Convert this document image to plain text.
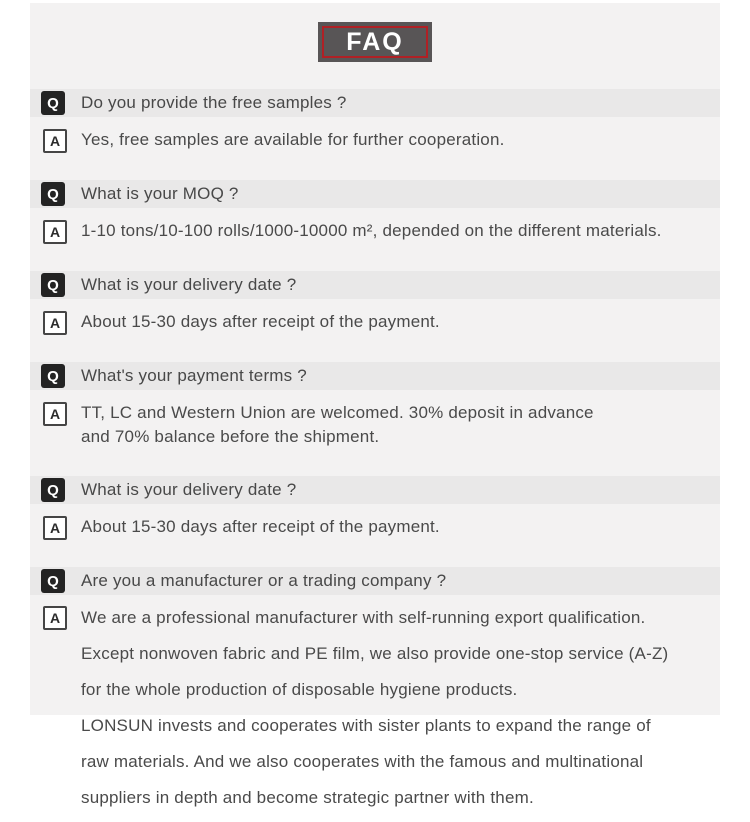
FAQ
Q	Do you provide the free samples ?
A	Yes, free samples are available for further cooperation.
Q	What is your MOQ ?
A	1-10 tons/10-100 rolls/1000-10000 m², depended on the different materials.
Q	What is your delivery date ?
A	About 15-30 days after receipt of the payment.
Q	What's your payment terms ?
A	TT, LC and Western Union are welcomed. 30% deposit in advance
and 70% balance before the shipment.
Q	What is your delivery date ?
A	About 15-30 days after receipt of the payment.
Q	Are you a manufacturer or a trading company ?
A	We are a professional manufacturer with self-running export qualification.
Except nonwoven fabric and PE film, we also provide one-stop service (A-Z)
for the whole production of disposable hygiene products.
LONSUN invests and cooperates with sister plants to expand the range of
raw materials. And we also cooperates with the famous and multinational
suppliers in depth and become strategic partner with them.
